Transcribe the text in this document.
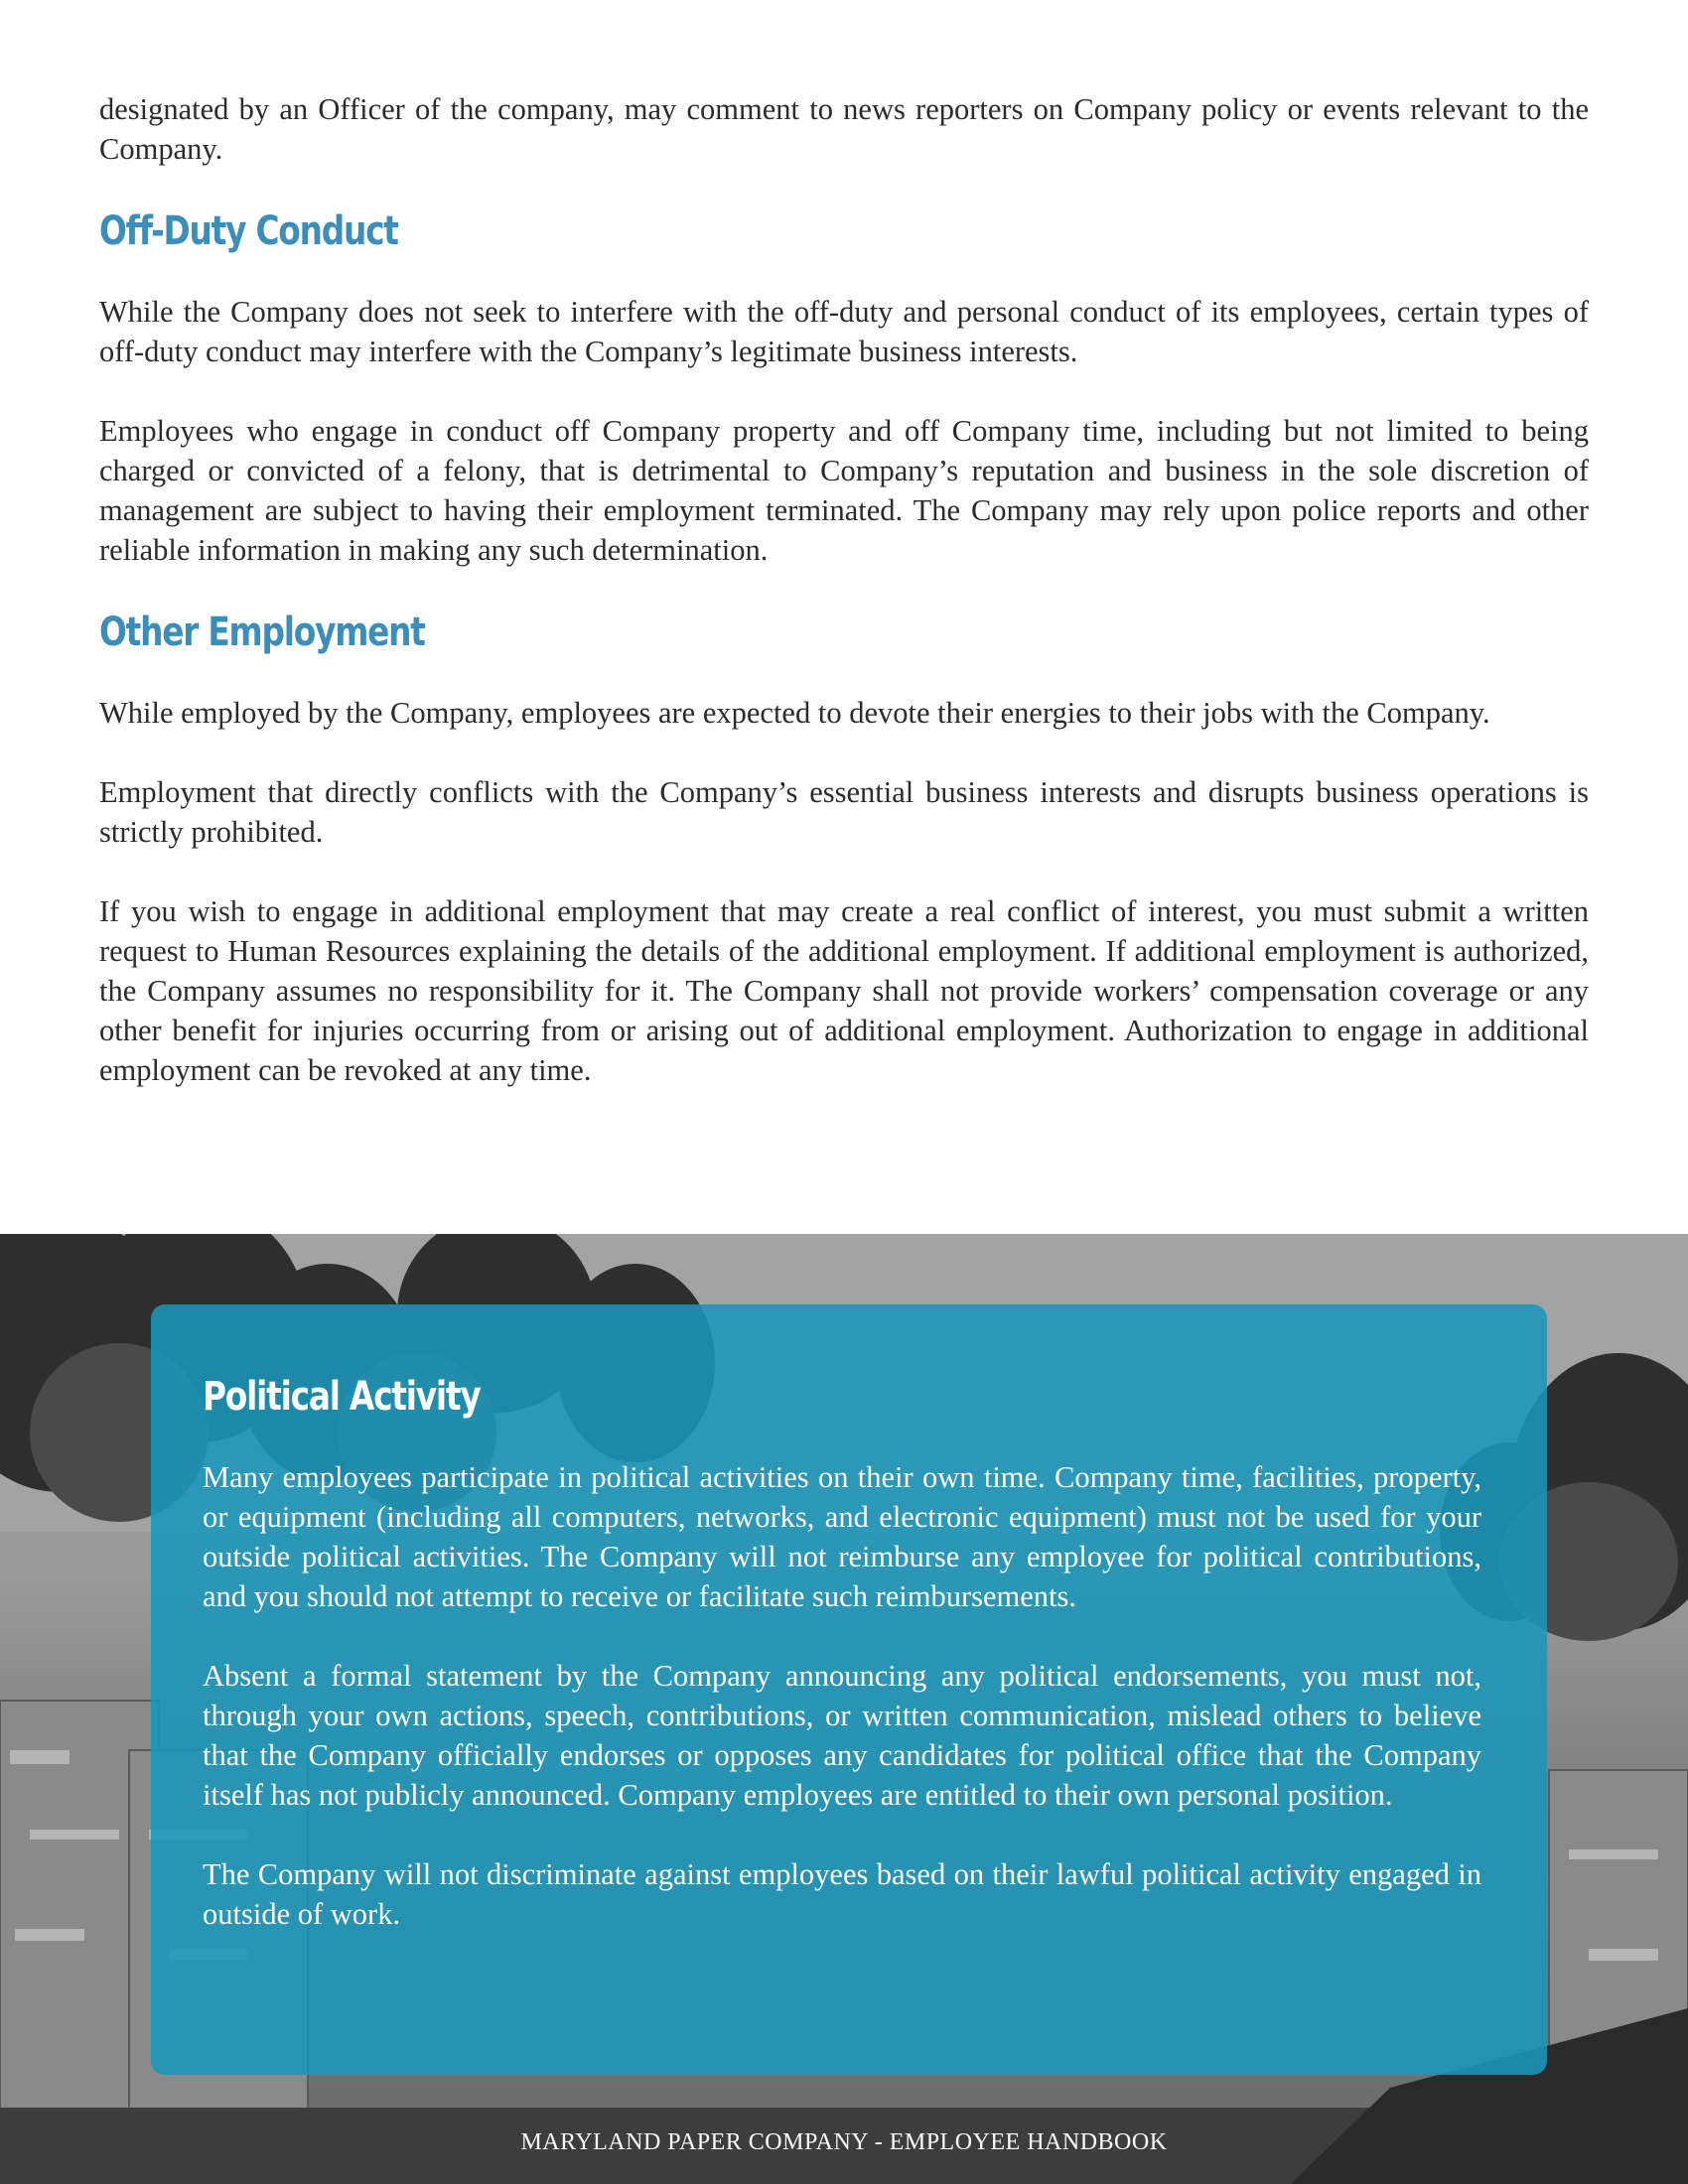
designated by an Officer of the company, may comment to news reporters on Company policy or events relevant to the Company.

Off-Duty Conduct

While the Company does not seek to interfere with the off-duty and personal conduct of its employees, certain types of off-duty conduct may interfere with the Company’s legitimate business interests.

Employees who engage in conduct off Company property and off Company time, including but not limited to being charged or convicted of a felony, that is detrimental to Company’s reputation and business in the sole discretion of management are subject to having their employment terminated. The Company may rely upon police reports and other reliable information in making any such determination.

Other Employment

While employed by the Company, employees are expected to devote their energies to their jobs with the Company.

Employment that directly conflicts with the Company’s essential business interests and disrupts business operations is strictly prohibited.

If you wish to engage in additional employment that may create a real conflict of interest, you must submit a written request to Human Resources explaining the details of the additional employment. If additional employment is authorized, the Company assumes no responsibility for it. The Company shall not provide workers’ compensation coverage or any other benefit for injuries occurring from or arising out of additional employment. Authorization to engage in additional employment can be revoked at any time.

Political Activity

Many employees participate in political activities on their own time. Company time, facilities, property, or equipment (including all computers, networks, and electronic equipment) must not be used for your outside political activities. The Company will not reimburse any employee for political contributions, and you should not attempt to receive or facilitate such reimbursements.

Absent a formal statement by the Company announcing any political endorsements, you must not, through your own actions, speech, contributions, or written communication, mislead others to believe that the Company officially endorses or opposes any candidates for political office that the Company itself has not publicly announced. Company employees are entitled to their own personal position.

The Company will not discriminate against employees based on their lawful political activity engaged in outside of work.

MARYLAND PAPER COMPANY - EMPLOYEE HANDBOOK
